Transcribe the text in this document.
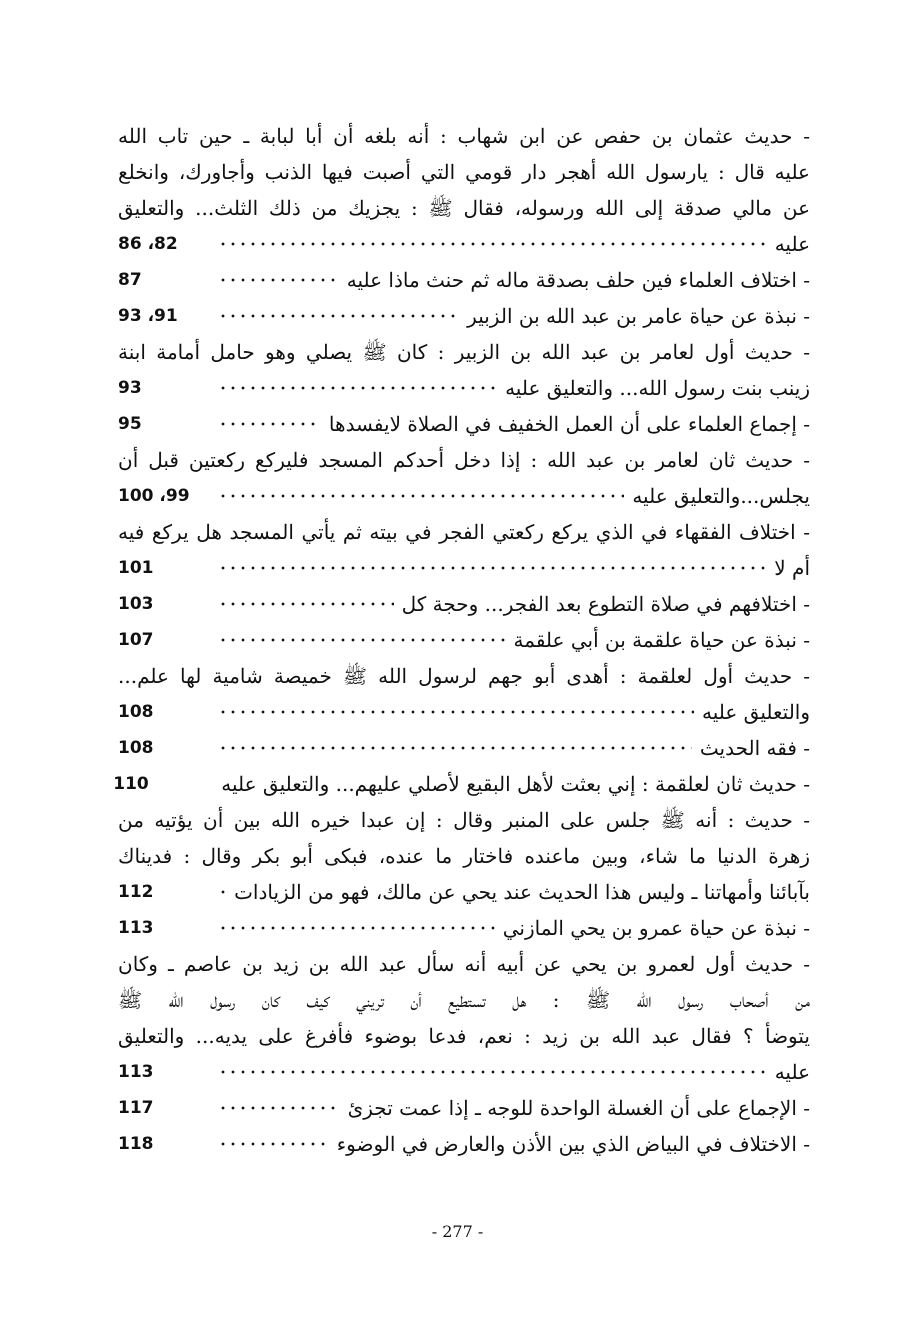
- حديث عثمان بن حفص عن ابن شهاب : أنه بلغه أن أبا لبابة ـ حين تاب الله
عليه قال : يارسول الله أهجر دار قومي التي أصبت فيها الذنب وأجاورك، وانخلع
عن مالي صدقة إلى الله ورسوله، فقال ﷺ : يجزيك من ذلك الثلث... والتعليق
عليه
86 ،82
- اختلاف العلماء فين حلف بصدقة ماله ثم حنث ماذا عليه
87
- نبذة عن حياة عامر بن عبد الله بن الزبير
93 ،91
- حديث أول لعامر بن عبد الله بن الزبير : كان ﷺ يصلي وهو حامل أمامة ابنة
زينب بنت رسول الله... والتعليق عليه
93
- إجماع العلماء على أن العمل الخفيف في الصلاة لايفسدها
95
- حديث ثان لعامر بن عبد الله : إذا دخل أحدكم المسجد فليركع ركعتين قبل أن
يجلس...والتعليق عليه
100 ،99
- اختلاف الفقهاء في الذي يركع ركعتي الفجر في بيته ثم يأتي المسجد هل يركع فيه
أم لا
101
- اختلافهم في صلاة التطوع بعد الفجر... وحجة كل
103
- نبذة عن حياة علقمة بن أبي علقمة
107
- حديث أول لعلقمة : أهدى أبو جهم لرسول الله ﷺ خميصة شامية لها علم...
والتعليق عليه
108
- فقه الحديث
108
- حديث ثان لعلقمة : إني بعثت لأهل البقيع لأصلي عليهم... والتعليق عليه
110
- حديث : أنه ﷺ جلس على المنبر وقال : إن عبدا خيره الله بين أن يؤتيه من
زهرة الدنيا ما شاء، وبين ماعنده فاختار ما عنده، فبكى أبو بكر وقال : فديناك
بآبائنا وأمهاتنا ـ وليس هذا الحديث عند يحي عن مالك، فهو من الزيادات
112
- نبذة عن حياة عمرو بن يحي المازني
113
- حديث أول لعمرو بن يحي عن أبيه أنه سأل عبد الله بن زيد بن عاصم ـ وكان
من أصحاب رسول الله ﷺ : هل تستطيع أن تريني كيف كان رسول الله ﷺ
يتوضأ ؟ فقال عبد الله بن زيد : نعم، فدعا بوضوء فأفرغ على يديه... والتعليق
عليه
113
- الإجماع على أن الغسلة الواحدة للوجه ـ إذا عمت تجزئ
117
- الاختلاف في البياض الذي بين الأذن والعارض في الوضوء
118
- 277 -
